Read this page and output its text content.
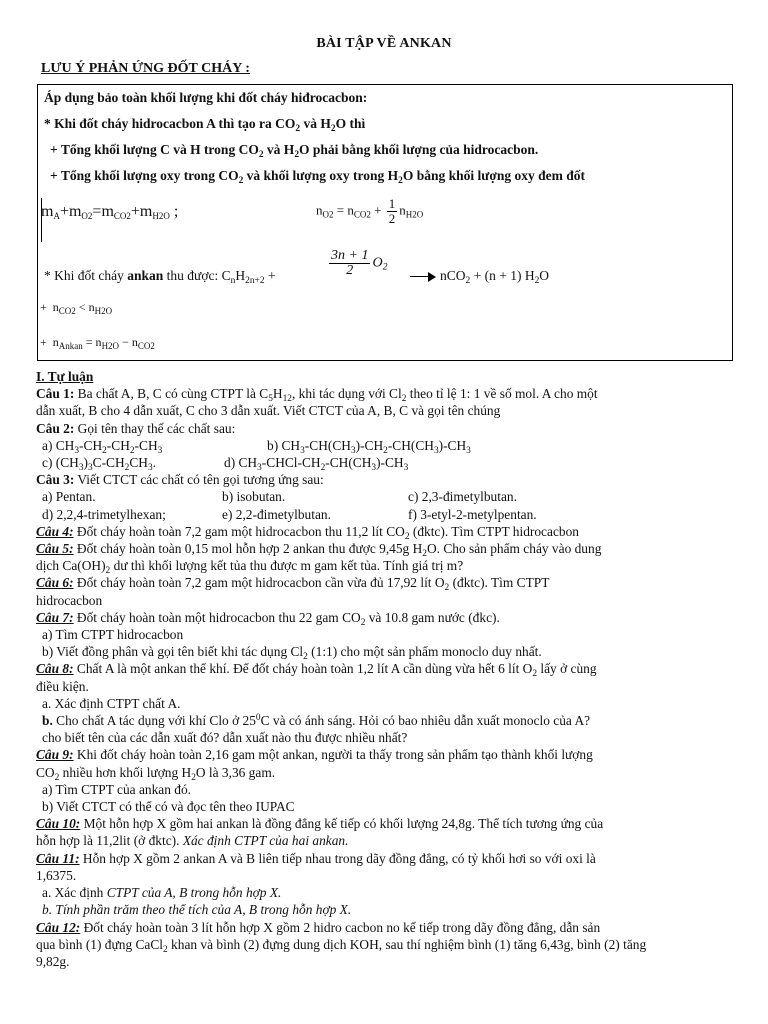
BÀI TẬP VỀ ANKAN
LƯU Ý PHẢN ỨNG ĐỐT CHÁY :
Áp dụng bảo toàn khối lượng khi đốt cháy hiđrocacbon:
* Khi đốt cháy hidrocacbon A thì tạo ra $CO_2$ và $H_2O$ thì
+ Tổng khối lượng C và H trong $CO_2$ và $H_2O$ phải bằng khối lượng của hidrocacbon.
+ Tổng khối lượng oxy trong $CO_2$ và khối lượng oxy trong $H_2O$ bằng khối lượng oxy đem đốt
$m_A+m_{O2}=m_{CO2}+m_{H2O}$ ;	$n_{O2} = n_{CO2} + \frac{1}{2} n_{H2O}$
* Khi đốt cháy ankan thu được: $C_nH_{2n+2}$ +	$\frac{3n + 1}{2} O_2$
nCO$_2$ + (n + 1) $H_2O$
+  $n_{CO2} < n_{H2O}$
+  $n_{Ankan} = n_{H2O} - n_{CO2}$

I. Tự luận

Câu 1: Ba chất A, B, C có cùng CTPT là $C_5H_{12}$, khi tác dụng với $Cl_2$ theo tỉ lệ 1: 1 về số mol. A cho một

dẫn xuất, B cho 4 dẫn xuất, C cho 3 dẫn xuất. Viết CTCT của A, B, C và gọi tên chúng

Câu 2: Gọi tên thay thế các chất sau:

a) $CH_3-CH_2-CH_2-CH_3$	b) $CH_3-CH(CH_3)-CH_2-CH(CH_3)-CH_3$

c) $(CH_3)_3C-CH_2CH_3$.	d) $CH_3-CHCl-CH_2-CH(CH_3)-CH_3$

Câu 3: Viết CTCT các chất có tên gọi tương ứng sau:

a) Pentan.	b) isobutan.	c) 2,3-đimetylbutan.

d) 2,2,4-trimetylhexan;	e) 2,2-đimetylbutan.	f) 3-etyl-2-metylpentan.

Câu 4: Đốt cháy hoàn toàn 7,2 gam một hidrocacbon thu 11,2 lít $CO_2$ (đktc). Tìm CTPT hidrocacbon

Câu 5: Đốt cháy hoàn toàn 0,15 mol hỗn hợp 2 ankan thu được 9,45g $H_2O$. Cho sản phẩm cháy vào dung

dịch $Ca(OH)_2$ dư thì khối lượng kết tủa thu được m gam kết tủa. Tính giá trị m?

Câu 6: Đốt cháy hoàn toàn 7,2 gam một hidrocacbon cần vừa đủ 17,92 lít $O_2$ (đktc). Tìm CTPT

hidrocacbon

Câu 7: Đốt cháy hoàn toàn một hidrocacbon thu 22 gam $CO_2$ và 10.8 gam nước (đkc).

a) Tìm CTPT hidrocacbon

b) Viết đồng phân và gọi tên biết khi tác dụng $Cl_2$ (1:1) cho một sản phẩm monoclo duy nhất.

Câu 8: Chất A là một ankan thể khí. Để đốt cháy hoàn toàn 1,2 lít A cần dùng vừa hết 6 lít $O_2$ lấy ở cùng

điều kiện.

a. Xác định CTPT chất A.

b. Cho chất A tác dụng với khí Clo ở $25^0C$ và có ánh sáng. Hỏi có bao nhiêu dẫn xuất monoclo của A?

cho biết tên của các dẫn xuất đó? dẫn xuất nào thu được nhiều nhất?

Câu 9: Khi đốt cháy hoàn toàn 2,16 gam một ankan, người ta thấy trong sản phẩm tạo thành khối lượng

$CO_2$ nhiều hơn khối lượng $H_2O$ là 3,36 gam.

a) Tìm CTPT của ankan đó.

b) Viết CTCT có thể có và đọc tên theo IUPAC

Câu 10: Một hỗn hợp X gồm hai ankan là đồng đẳng kế tiếp có khối lượng 24,8g. Thể tích tương ứng của

hỗn hợp là 11,2lit (ở đktc). Xác định CTPT của hai ankan.

Câu 11: Hỗn hợp X gồm 2 ankan A và B liên tiếp nhau trong dãy đồng đẳng, có tỷ khối hơi so với oxi là

1,6375.

a. Xác định CTPT của A, B trong hỗn hợp X.

b. Tính phần trăm theo thể tích của A, B trong hỗn hợp X.

Câu 12: Đốt cháy hoàn toàn 3 lít hỗn hợp X gồm 2 hidro cacbon no kế tiếp trong dãy đồng đẳng, dẫn sản

qua bình (1) đựng CaCl$_2$ khan và bình (2) đựng dung dịch KOH, sau thí nghiệm bình (1) tăng 6,43g, bình (2) tăng

9,82g.
